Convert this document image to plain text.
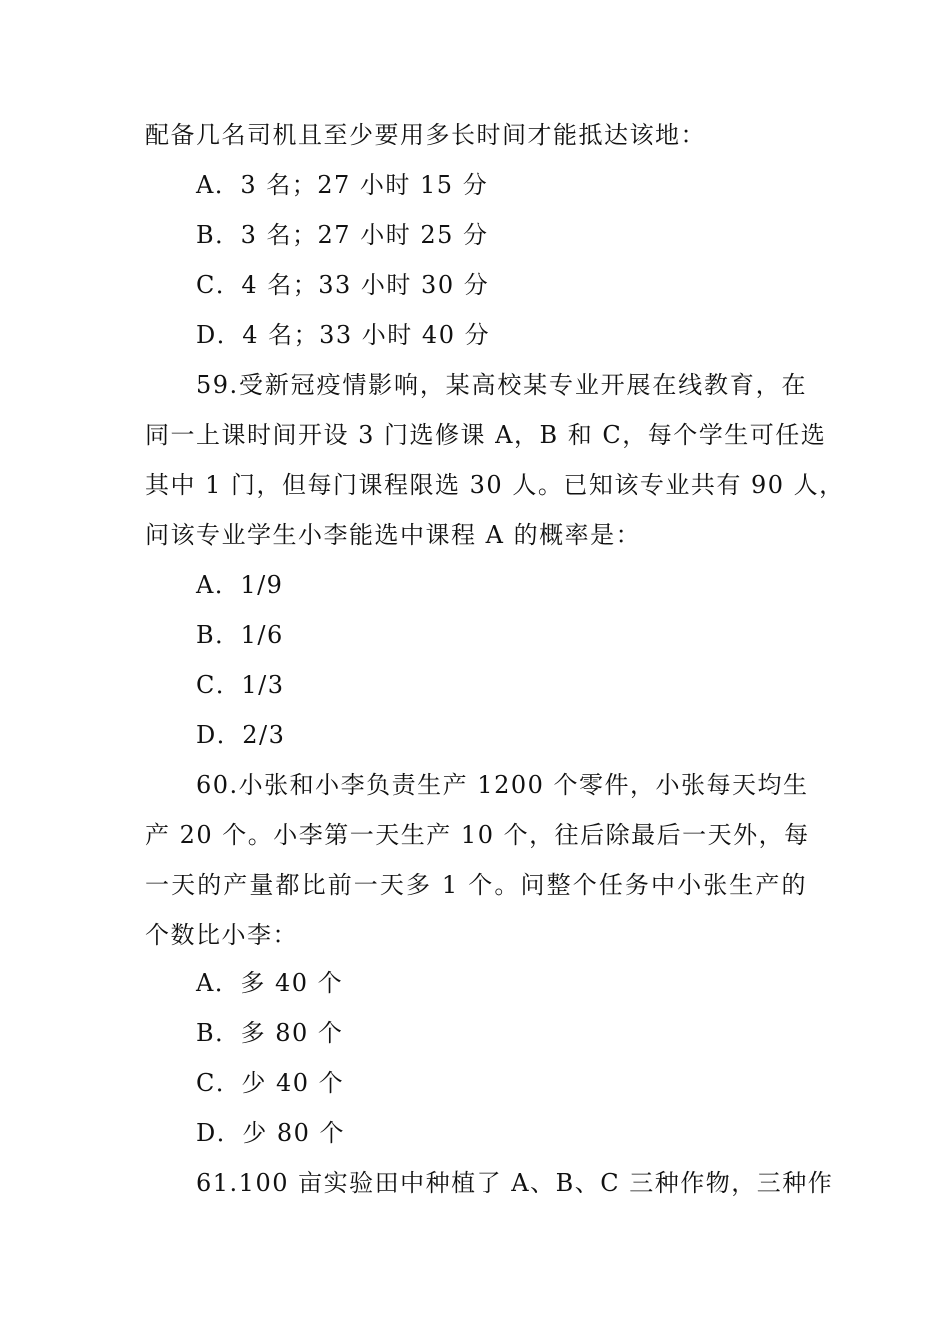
配备几名司机且至少要用多长时间才能抵达该地：
A．3 名；27 小时 15 分
B．3 名；27 小时 25 分
C．4 名；33 小时 30 分
D．4 名；33 小时 40 分
59.受新冠疫情影响，某高校某专业开展在线教育，在
同一上课时间开设 3 门选修课 A，B 和 C，每个学生可任选
其中 1 门，但每门课程限选 30 人。已知该专业共有 90 人，
问该专业学生小李能选中课程 A 的概率是：
A．1/9
B．1/6
C．1/3
D．2/3
60.小张和小李负责生产 1200 个零件，小张每天均生
产 20 个。小李第一天生产 10 个，往后除最后一天外，每
一天的产量都比前一天多 1 个。问整个任务中小张生产的
个数比小李：
A．多 40 个
B．多 80 个
C．少 40 个
D．少 80 个
61.100 亩实验田中种植了 A、B、C 三种作物，三种作
